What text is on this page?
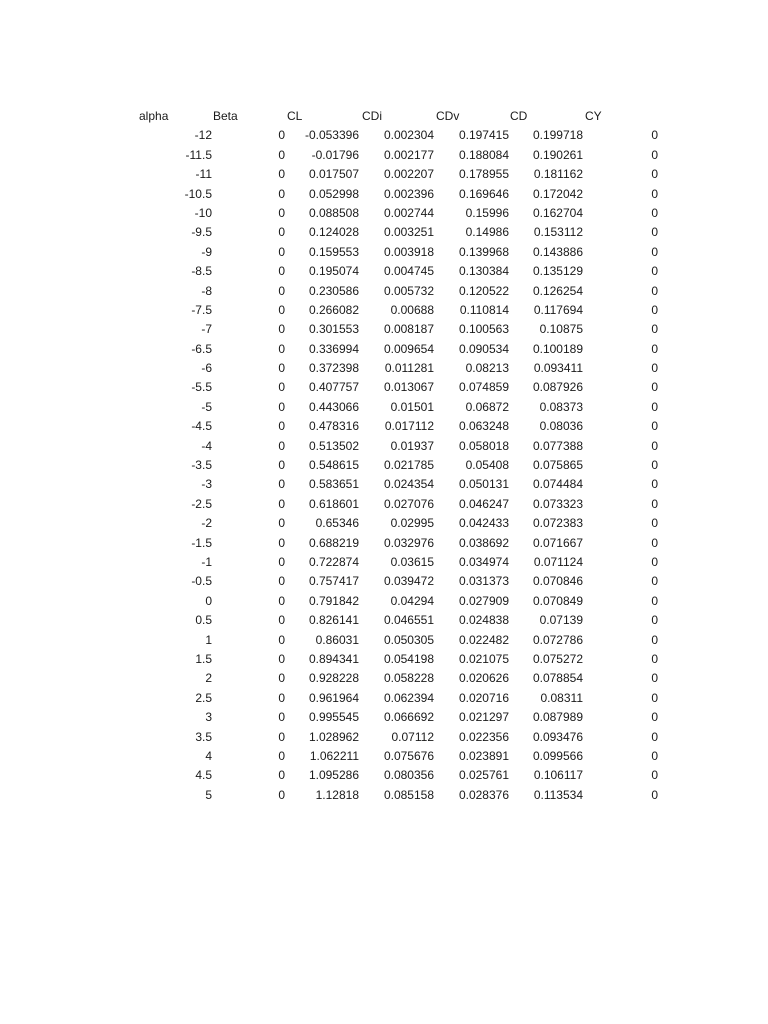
alpha	Beta	CL	CDi	CDv	CD	CY
-12	0	-0.053396	0.002304	0.197415	0.199718	0
-11.5	0	-0.01796	0.002177	0.188084	0.190261	0
-11	0	0.017507	0.002207	0.178955	0.181162	0
-10.5	0	0.052998	0.002396	0.169646	0.172042	0
-10	0	0.088508	0.002744	0.15996	0.162704	0
-9.5	0	0.124028	0.003251	0.14986	0.153112	0
-9	0	0.159553	0.003918	0.139968	0.143886	0
-8.5	0	0.195074	0.004745	0.130384	0.135129	0
-8	0	0.230586	0.005732	0.120522	0.126254	0
-7.5	0	0.266082	0.00688	0.110814	0.117694	0
-7	0	0.301553	0.008187	0.100563	0.10875	0
-6.5	0	0.336994	0.009654	0.090534	0.100189	0
-6	0	0.372398	0.011281	0.08213	0.093411	0
-5.5	0	0.407757	0.013067	0.074859	0.087926	0
-5	0	0.443066	0.01501	0.06872	0.08373	0
-4.5	0	0.478316	0.017112	0.063248	0.08036	0
-4	0	0.513502	0.01937	0.058018	0.077388	0
-3.5	0	0.548615	0.021785	0.05408	0.075865	0
-3	0	0.583651	0.024354	0.050131	0.074484	0
-2.5	0	0.618601	0.027076	0.046247	0.073323	0
-2	0	0.65346	0.02995	0.042433	0.072383	0
-1.5	0	0.688219	0.032976	0.038692	0.071667	0
-1	0	0.722874	0.03615	0.034974	0.071124	0
-0.5	0	0.757417	0.039472	0.031373	0.070846	0
0	0	0.791842	0.04294	0.027909	0.070849	0
0.5	0	0.826141	0.046551	0.024838	0.07139	0
1	0	0.86031	0.050305	0.022482	0.072786	0
1.5	0	0.894341	0.054198	0.021075	0.075272	0
2	0	0.928228	0.058228	0.020626	0.078854	0
2.5	0	0.961964	0.062394	0.020716	0.08311	0
3	0	0.995545	0.066692	0.021297	0.087989	0
3.5	0	1.028962	0.07112	0.022356	0.093476	0
4	0	1.062211	0.075676	0.023891	0.099566	0
4.5	0	1.095286	0.080356	0.025761	0.106117	0
5	0	1.12818	0.085158	0.028376	0.113534	0
